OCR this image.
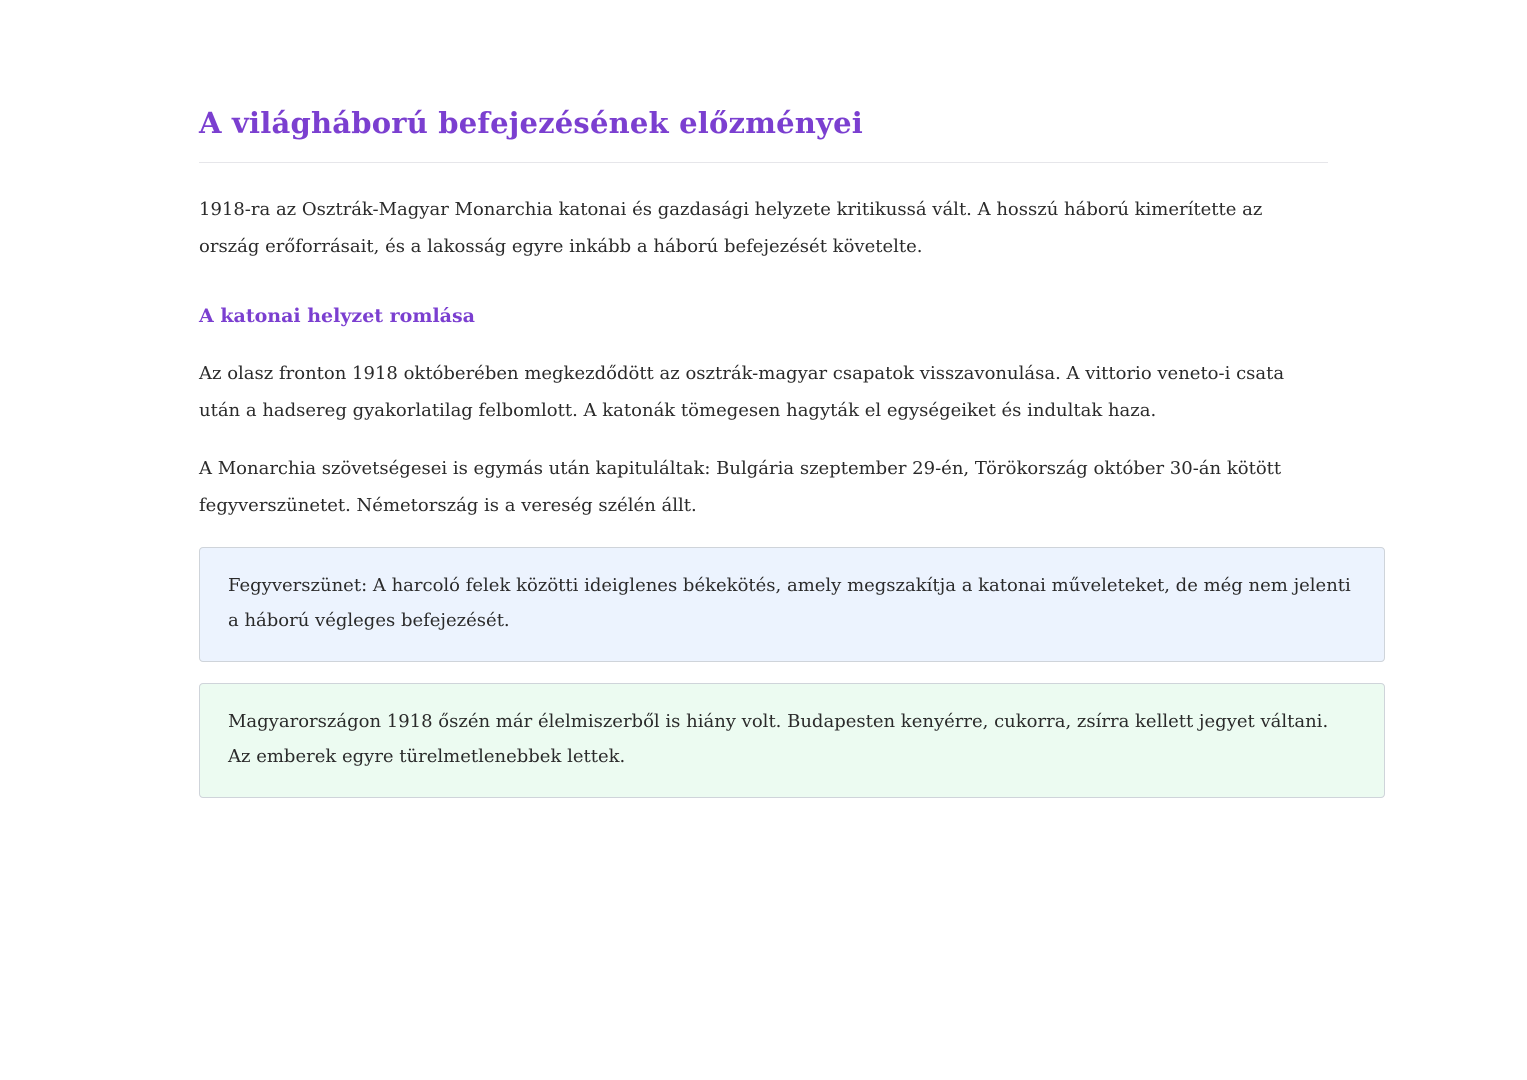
A világháború befejezésének előzményei

1918-ra az Osztrák-Magyar Monarchia katonai és gazdasági helyzete kritikussá vált. A hosszú háború kimerítette az ország erőforrásait, és a lakosság egyre inkább a háború befejezését követelte.

A katonai helyzet romlása

Az olasz fronton 1918 októberében megkezdődött az osztrák-magyar csapatok visszavonulása. A vittorio veneto-i csata után a hadsereg gyakorlatilag felbomlott. A katonák tömegesen hagyták el egységeiket és indultak haza.

A Monarchia szövetségesei is egymás után kapituláltak: Bulgária szeptember 29-én, Törökország október 30-án kötött fegyverszünetet. Németország is a vereség szélén állt.

Fegyverszünet: A harcoló felek közötti ideiglenes békekötés, amely megszakítja a katonai műveleteket, de még nem jelenti a háború végleges befejezését.
Magyarországon 1918 őszén már élelmiszerből is hiány volt. Budapesten kenyérre, cukorra, zsírra kellett jegyet váltani. Az emberek egyre türelmetlenebbek lettek.
